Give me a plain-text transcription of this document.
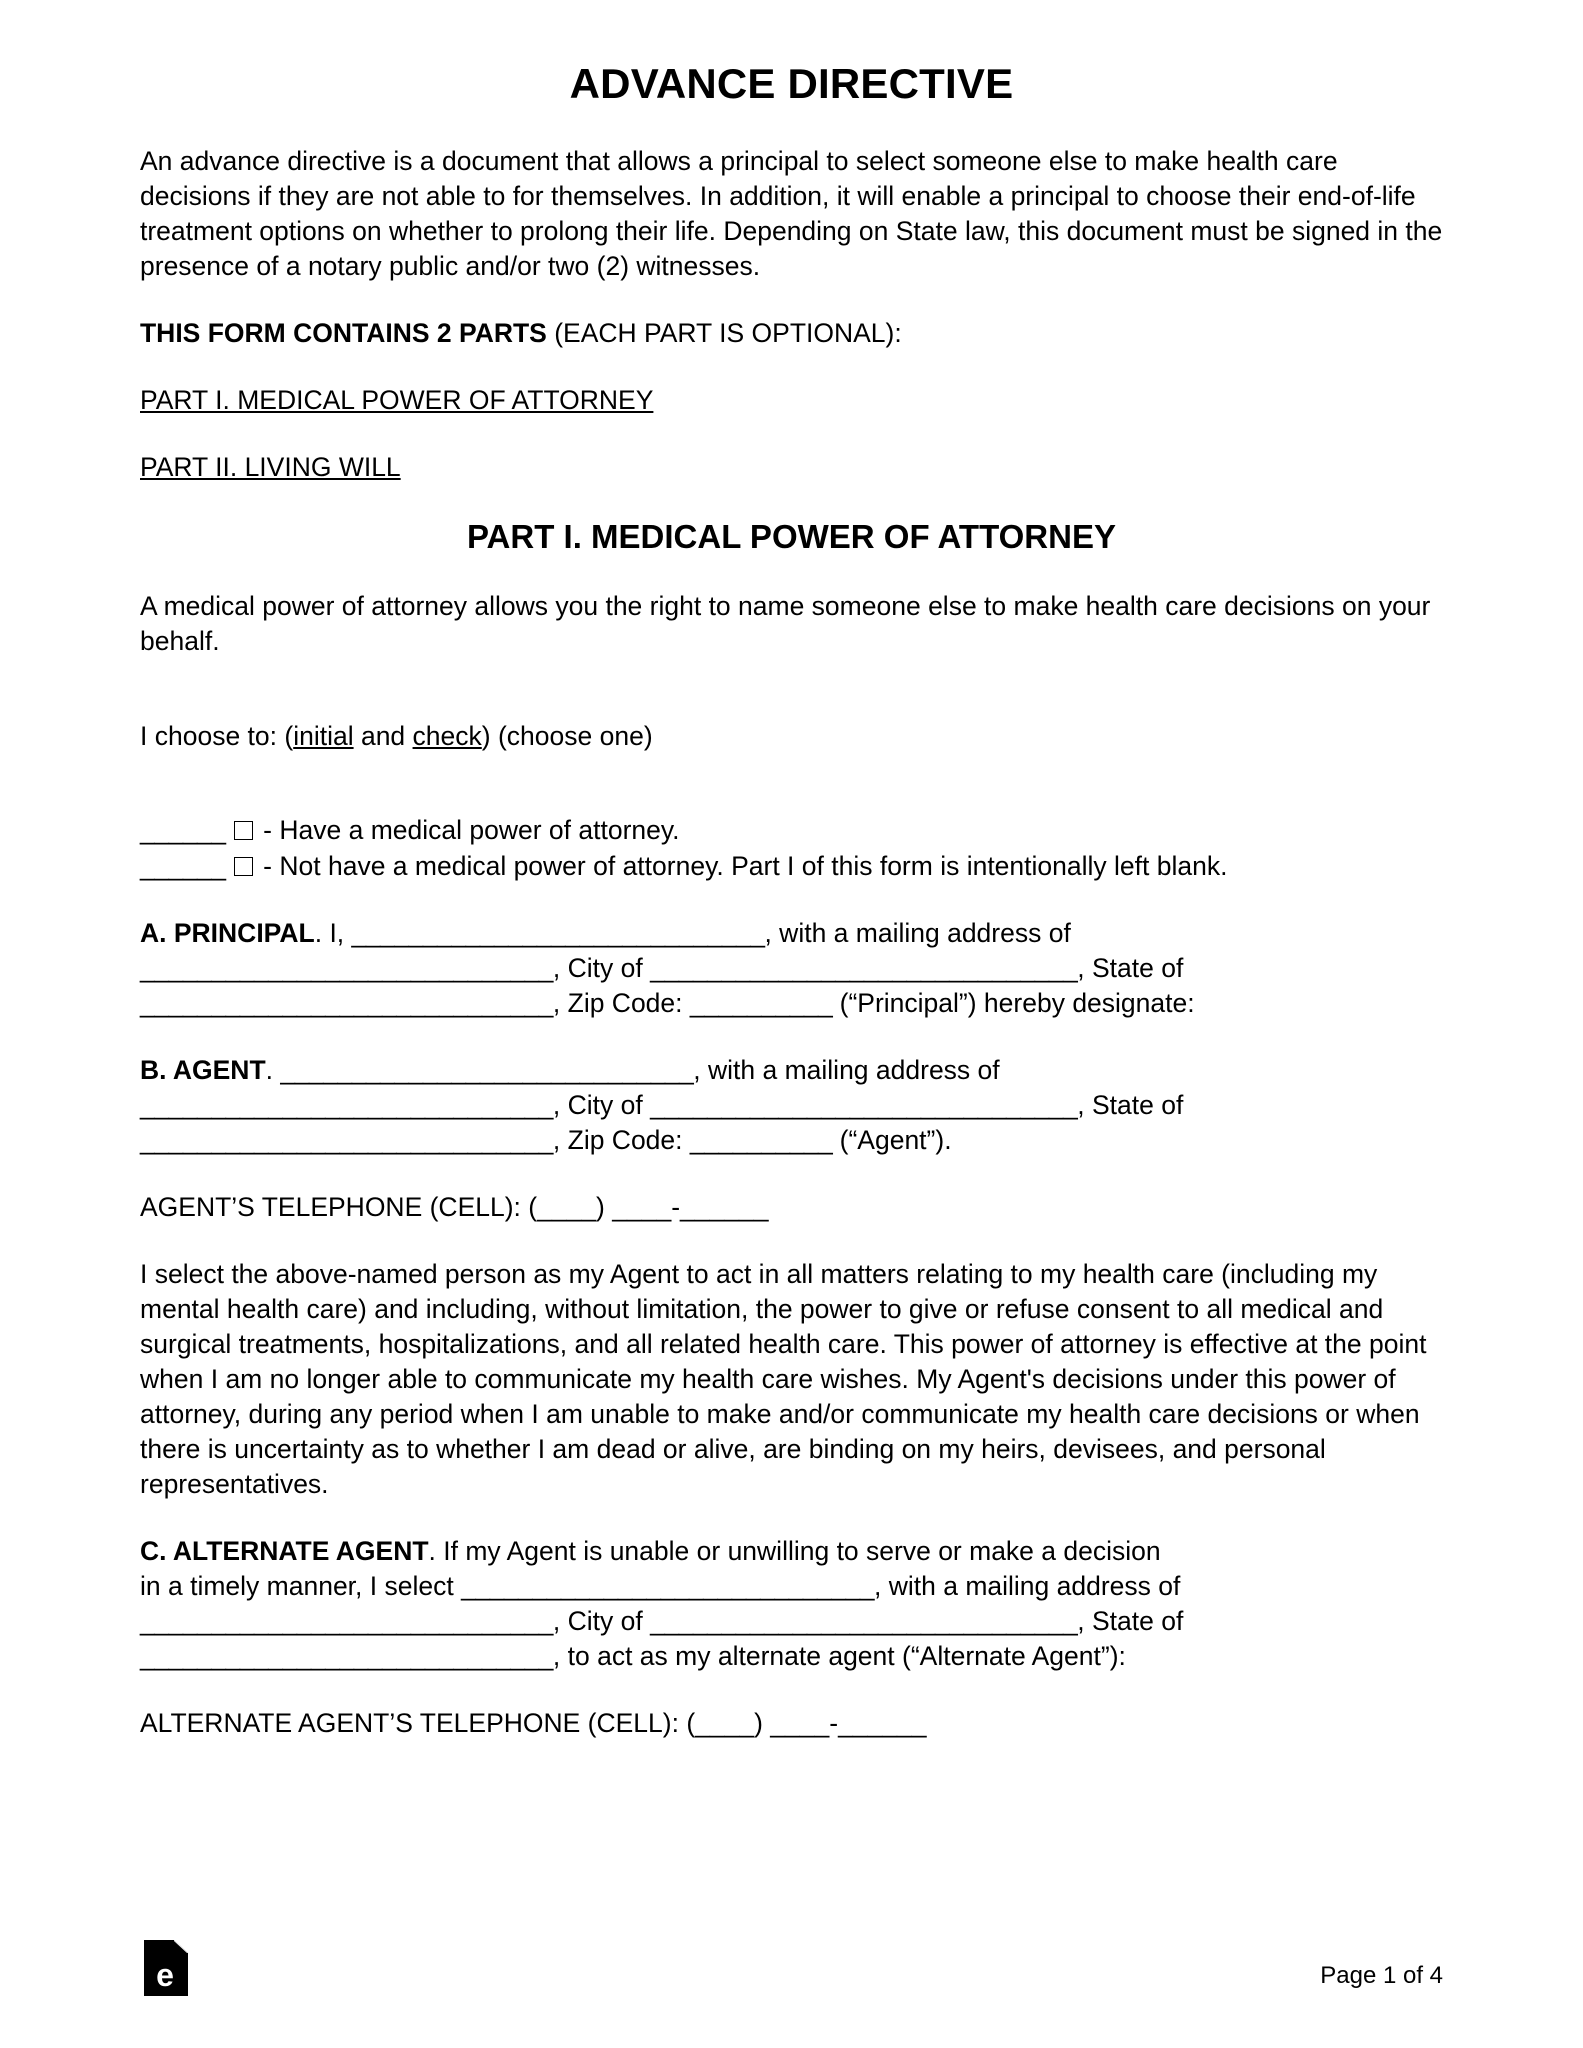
ADVANCE DIRECTIVE

An advance directive is a document that allows a principal to select someone else to make health care decisions if they are not able to for themselves. In addition, it will enable a principal to choose their end-of-life treatment options on whether to prolong their life. Depending on State law, this document must be signed in the presence of a notary public and/or two (2) witnesses.

THIS FORM CONTAINS 2 PARTS (EACH PART IS OPTIONAL):

PART I. MEDICAL POWER OF ATTORNEY
PART II. LIVING WILL
PART I. MEDICAL POWER OF ATTORNEY

A medical power of attorney allows you the right to name someone else to make health care decisions on your behalf.

I choose to: (initial and check) (choose one)

______  - Have a medical power of attorney.
______  - Not have a medical power of attorney. Part I of this form is intentionally left blank.

A. PRINCIPAL. I, _____________________________, with a mailing address of
_____________________________, City of ______________________________, State of
_____________________________, Zip Code: __________ (“Principal”) hereby designate:

B. AGENT. _____________________________, with a mailing address of
_____________________________, City of ______________________________, State of
_____________________________, Zip Code: __________ (“Agent”).

AGENT’S TELEPHONE (CELL): (____) ____-______

I select the above-named person as my Agent to act in all matters relating to my health care (including my mental health care) and including, without limitation, the power to give or refuse consent to all medical and surgical treatments, hospitalizations, and all related health care. This power of attorney is effective at the point when I am no longer able to communicate my health care wishes. My Agent's decisions under this power of attorney, during any period when I am unable to make and/or communicate my health care decisions or when there is uncertainty as to whether I am dead or alive, are binding on my heirs, devisees, and personal representatives.

C. ALTERNATE AGENT. If my Agent is unable or unwilling to serve or make a decision
in a timely manner, I select _____________________________, with a mailing address of
_____________________________, City of ______________________________, State of
_____________________________, to act as my alternate agent (“Alternate Agent”):

ALTERNATE AGENT’S TELEPHONE (CELL): (____) ____-______

e	Page 1 of 4
